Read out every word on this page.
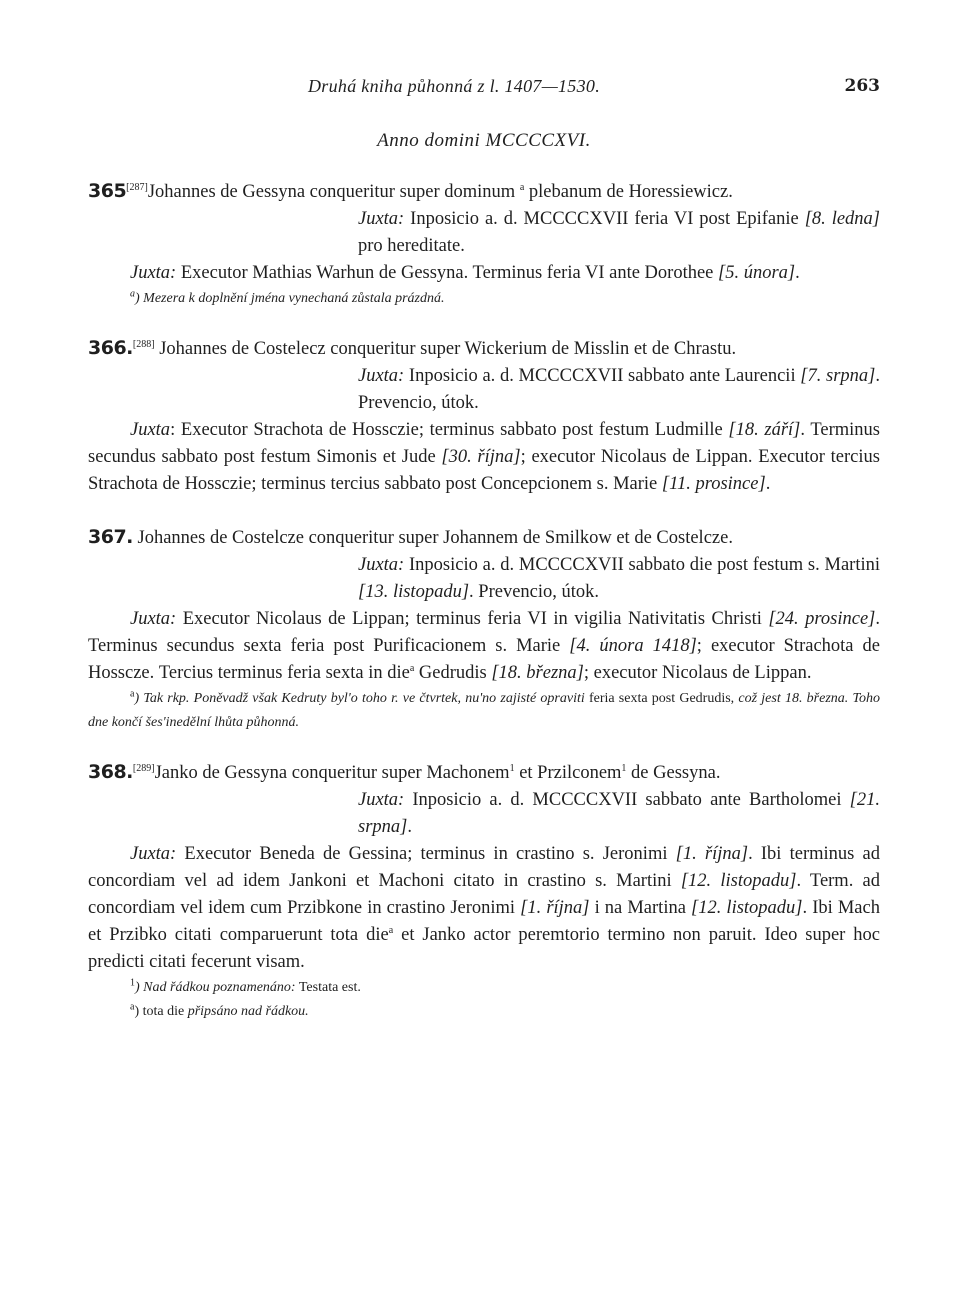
Druhá kniha půhonná z l. 1407—1530.	263
Anno domini MCCCCXVI.

365[287]Johannes de Gessyna conqueritur super dominum $^a$ plebanum de Horessiewicz.

Juxta: Inposicio a. d. MCCCCXVII feria VI post Epifanie [8. ledna] pro hereditate.

Juxta: Executor Mathias Warhun de Gessyna. Terminus feria VI ante Dorothee [5. února].

$^a$) Mezera k doplnění jména vynechaná zůstala prázdná.

366.[288] Johannes de Costelecz conqueritur super Wickerium de Misslin et de Chrastu.

Juxta: Inposicio a. d. MCCCCXVII sabbato ante Laurencii [7. srpna]. Prevencio, útok.

Juxta: Executor Strachota de Hossczie; terminus sabbato post festum Ludmille [18. září]. Terminus secundus sabbato post festum Simonis et Jude [30. října]; executor Nicolaus de Lippan. Executor tercius Strachota de Hossczie; terminus tercius sabbato post Concepcionem s. Marie [11. prosince].

367. Johannes de Costelcze conqueritur super Johannem de Smilkow et de Costelcze.

Juxta: Inposicio a. d. MCCCCXVII sabbato die post festum s. Martini [13. listopadu]. Prevencio, útok.

Juxta: Executor Nicolaus de Lippan; terminus feria VI in vigilia Nativitatis Christi [24. prosince]. Terminus secundus sexta feria post Purificacionem s. Marie [4. února 1418]; executor Strachota de Hossczе. Tercius terminus feria sexta in die$^a$ Gedrudis [18. března]; executor Nicolaus de Lippan.

$^a$) Tak rkp. Poněvadž však Kedruty byl'o toho r. ve čtvrtek, nu'no zajisté opraviti feria sexta post Gedrudis, což jest 18. března. Toho dne končí šes'inedělní lhůta půhonná.

368.[289]Janko de Gessyna conqueritur super Machonem$^1$ et Przilconem$^1$ de Gessyna.

Juxta: Inposicio a. d. MCCCCXVII sabbato ante Bartholomei [21. srpna].

Juxta: Executor Beneda de Gessina; terminus in crastino s. Jeronimi [1. října]. Ibi terminus ad concordiam vel ad idem Jankoni et Machoni citato in crastino s. Martini [12. listopadu]. Term. ad concordiam vel idem cum Przibkone in crastino Jeronimi [1. října] i na Martina [12. listopadu]. Ibi Mach et Przibko citati comparuerunt tota die$^a$ et Janko actor peremtorio termino non paruit. Ideo super hoc predicti citati fecerunt visam.

$^1$) Nad řádkou poznamenáno: Testata est.

$^a$) tota die připsáno nad řádkou.
